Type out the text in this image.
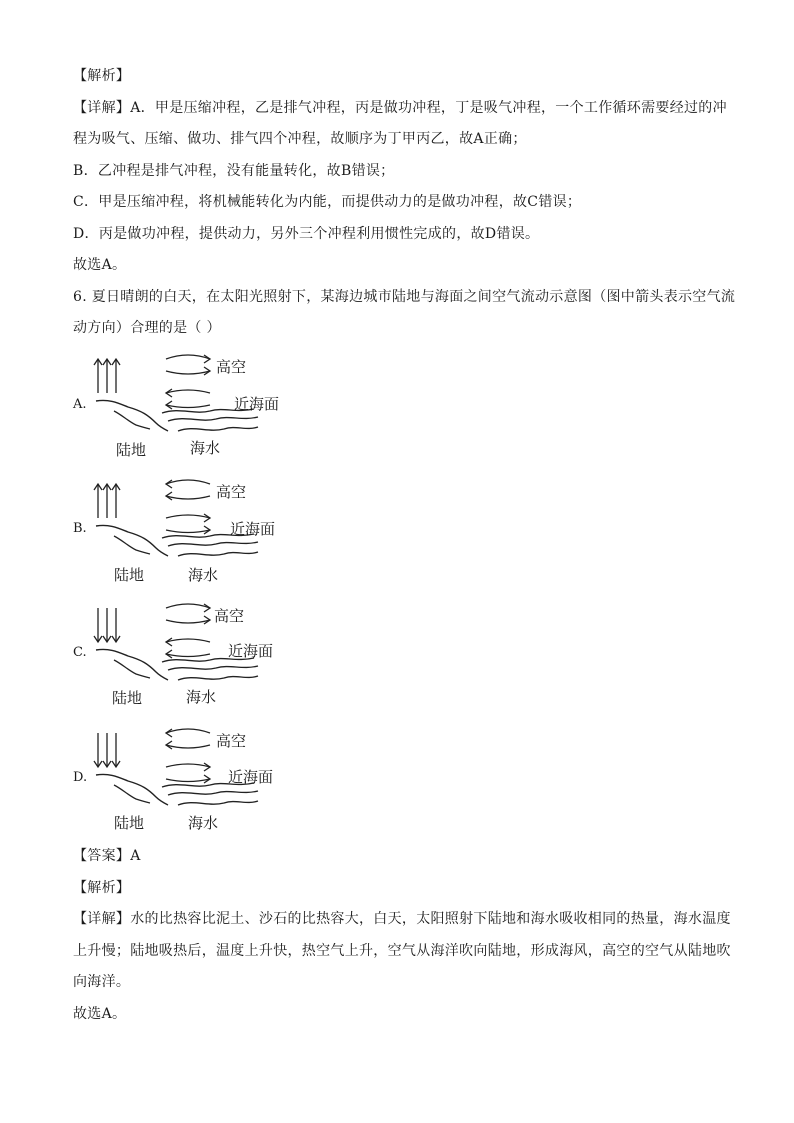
【解析】
【详解】A．甲是压缩冲程，乙是排气冲程，丙是做功冲程，丁是吸气冲程，一个工作循环需要经过的冲
程为吸气、压缩、做功、排气四个冲程，故顺序为丁甲丙乙，故A正确；
B．乙冲程是排气冲程，没有能量转化，故B错误；
C．甲是压缩冲程，将机械能转化为内能，而提供动力的是做功冲程，故C错误；
D．丙是做功冲程，提供动力，另外三个冲程利用惯性完成的，故D错误。
故选A。
6. 夏日晴朗的白天，在太阳光照射下，某海边城市陆地与海面之间空气流动示意图（图中箭头表示空气流
动方向）合理的是（ ）
A.
高空
近海面
陆地	海水
B.
高空
近海面
陆地	海水
C.
高空
近海面
陆地	海水
D.
高空
近海面
陆地	海水
【答案】A
【解析】
【详解】水的比热容比泥土、沙石的比热容大，白天，太阳照射下陆地和海水吸收相同的热量，海水温度
上升慢；陆地吸热后，温度上升快，热空气上升，空气从海洋吹向陆地，形成海风，高空的空气从陆地吹
向海洋。
故选A。
